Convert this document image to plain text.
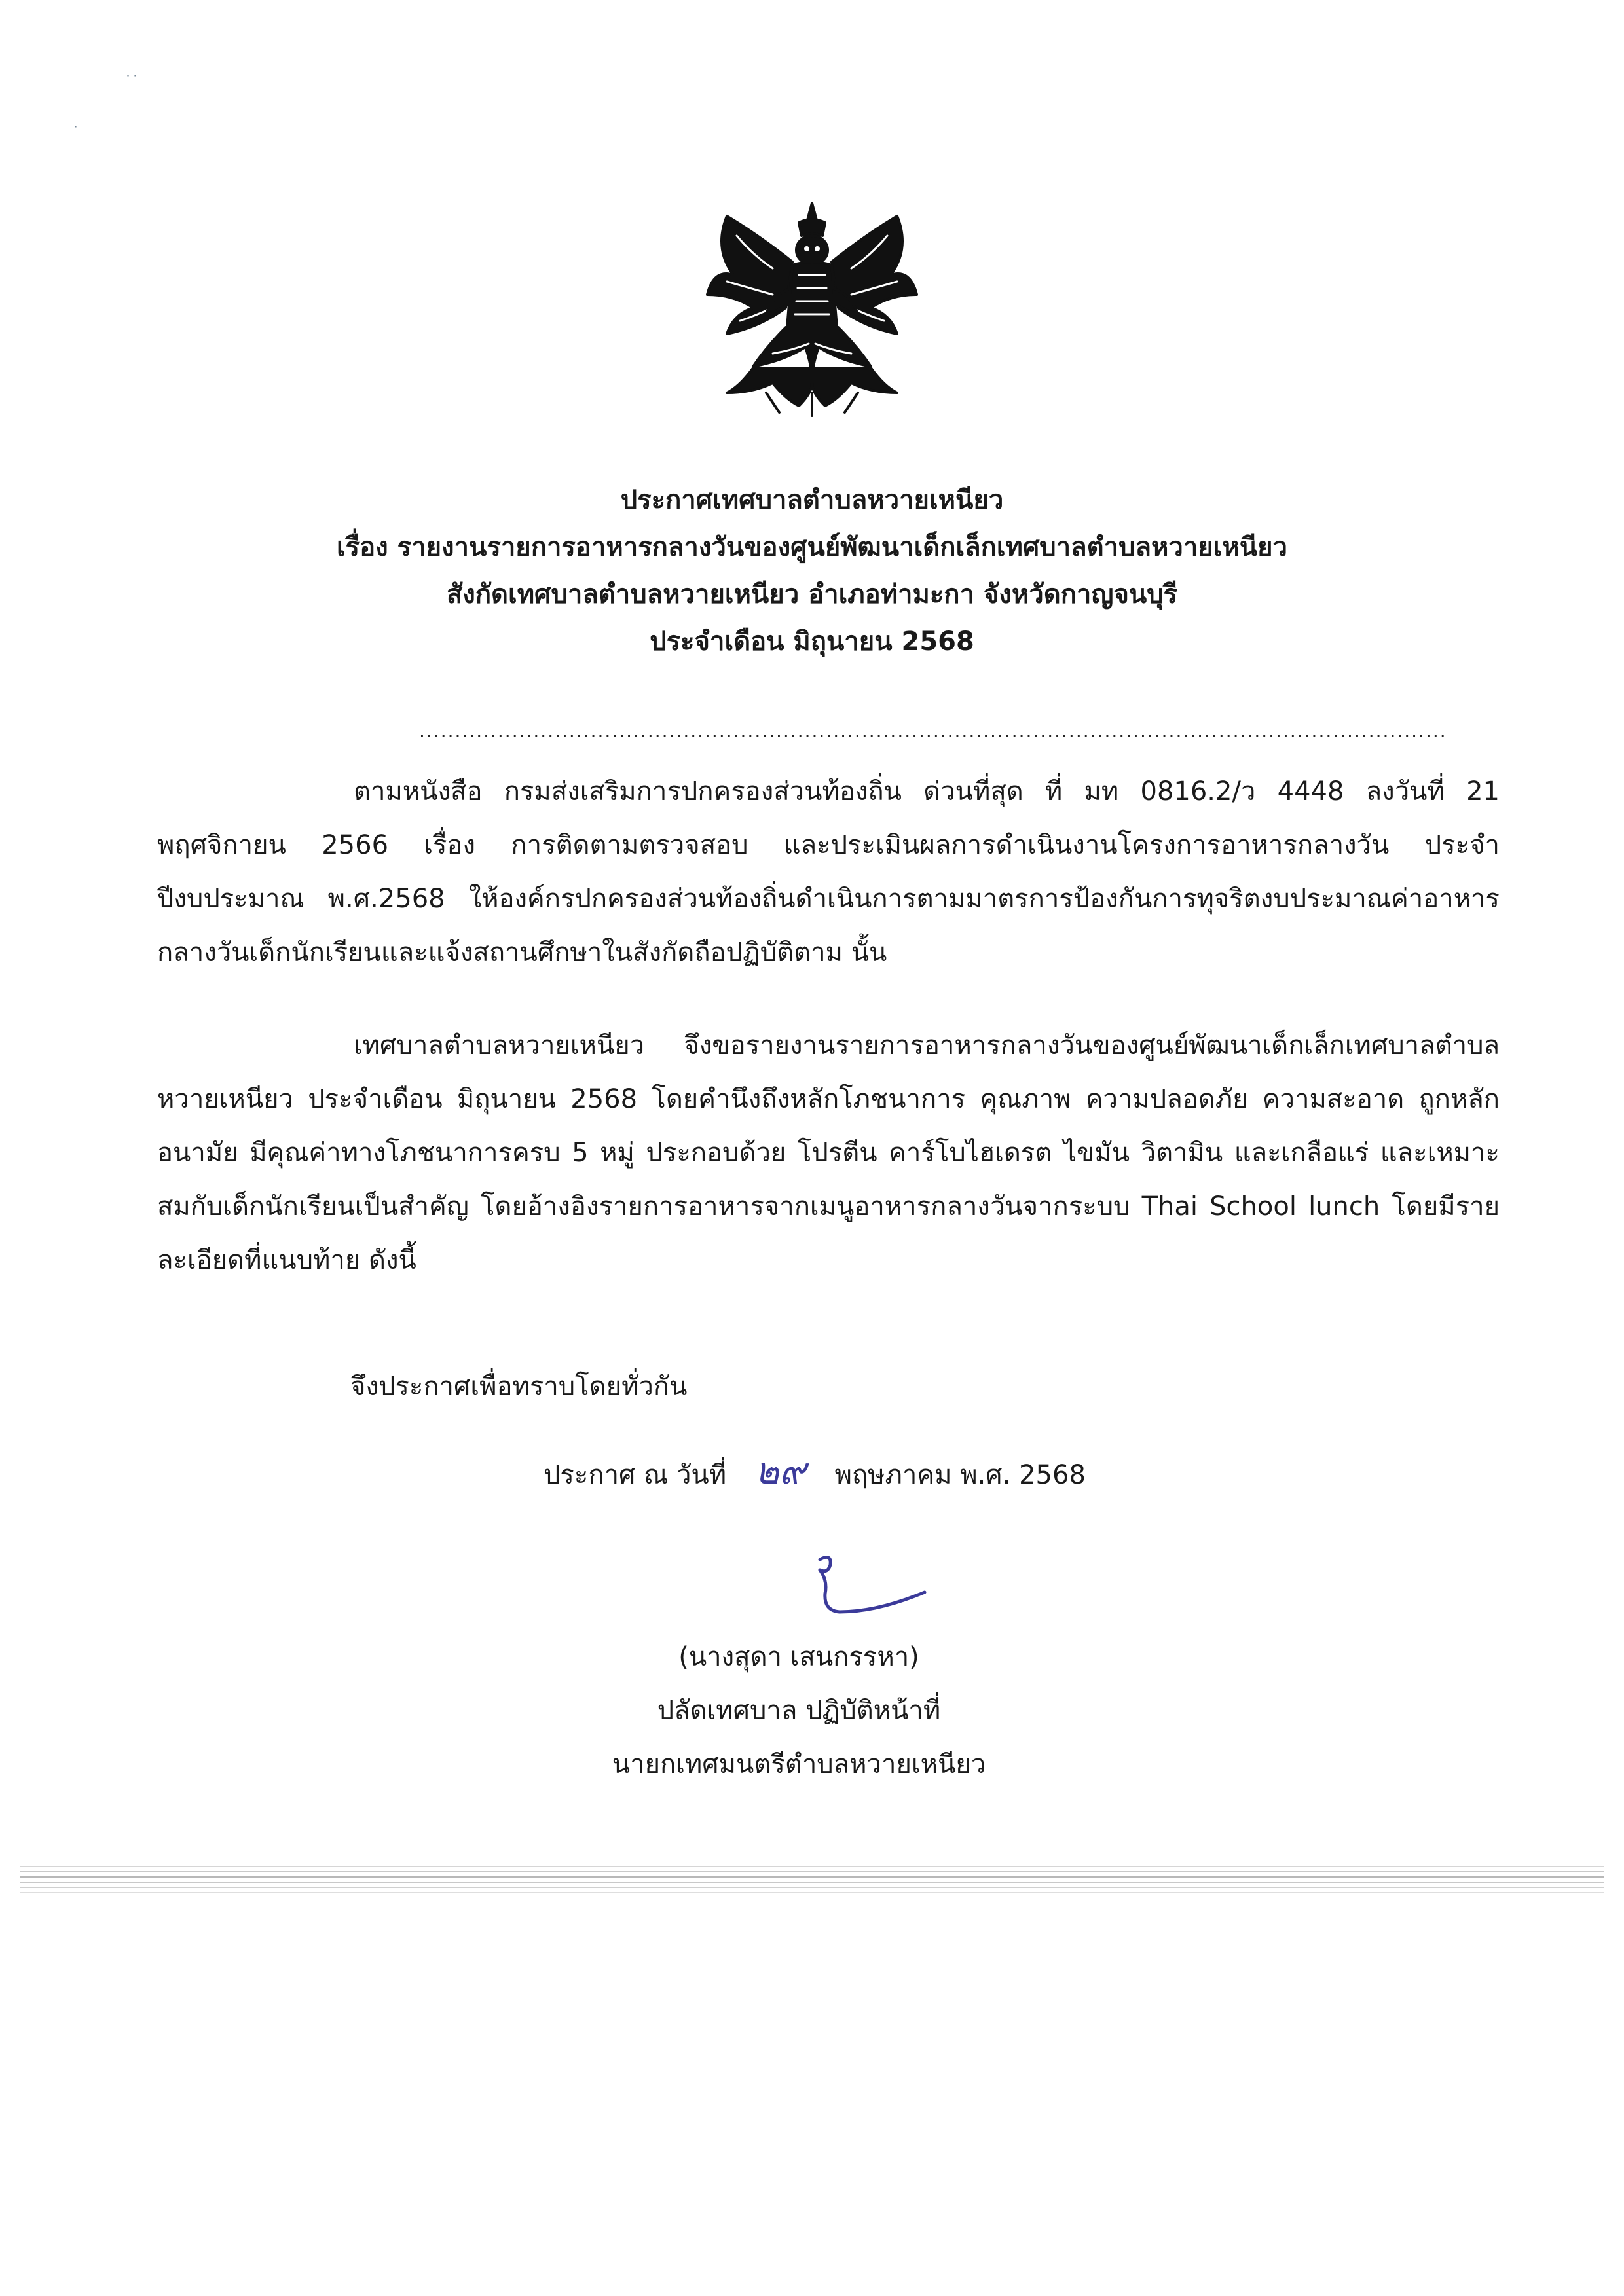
˙˙
˙
ประกาศเทศบาลตำบลหวายเหนียว
เรื่อง รายงานรายการอาหารกลางวันของศูนย์พัฒนาเด็กเล็กเทศบาลตำบลหวายเหนียว
สังกัดเทศบาลตำบลหวายเหนียว อำเภอท่ามะกา จังหวัดกาญจนบุรี
ประจำเดือน มิถุนายน 2568
................................................................................................................................................
ตามหนังสือ กรมส่งเสริมการปกครองส่วนท้องถิ่น ด่วนที่สุด ที่ มท 0816.2/ว 4448 ลงวันที่ 21 พฤศจิกายน 2566 เรื่อง การติดตามตรวจสอบ และประเมินผลการดำเนินงานโครงการอาหารกลางวัน ประจำปีงบประมาณ พ.ศ.2568 ให้องค์กรปกครองส่วนท้องถิ่นดำเนินการตามมาตรการป้องกันการทุจริตงบประมาณค่าอาหารกลางวันเด็กนักเรียนและแจ้งสถานศึกษาในสังกัดถือปฏิบัติตาม นั้น
เทศบาลตำบลหวายเหนียว จึงขอรายงานรายการอาหารกลางวันของศูนย์พัฒนาเด็กเล็กเทศบาลตำบลหวายเหนียว ประจำเดือน มิถุนายน 2568 โดยคำนึงถึงหลักโภชนาการ คุณภาพ ความปลอดภัย ความสะอาด ถูกหลักอนามัย มีคุณค่าทางโภชนาการครบ 5 หมู่ ประกอบด้วย โปรตีน คาร์โบไฮเดรต ไขมัน วิตามิน และเกลือแร่ และเหมาะสมกับเด็กนักเรียนเป็นสำคัญ โดยอ้างอิงรายการอาหารจากเมนูอาหารกลางวันจากระบบ Thai School lunch โดยมีรายละเอียดที่แนบท้าย ดังนี้
จึงประกาศเพื่อทราบโดยทั่วกัน
ประกาศ ณ วันที่ ๒๙ พฤษภาคม พ.ศ. 2568
(นางสุดา เสนกรรหา)
ปลัดเทศบาล ปฏิบัติหน้าที่
นายกเทศมนตรีตำบลหวายเหนียว
